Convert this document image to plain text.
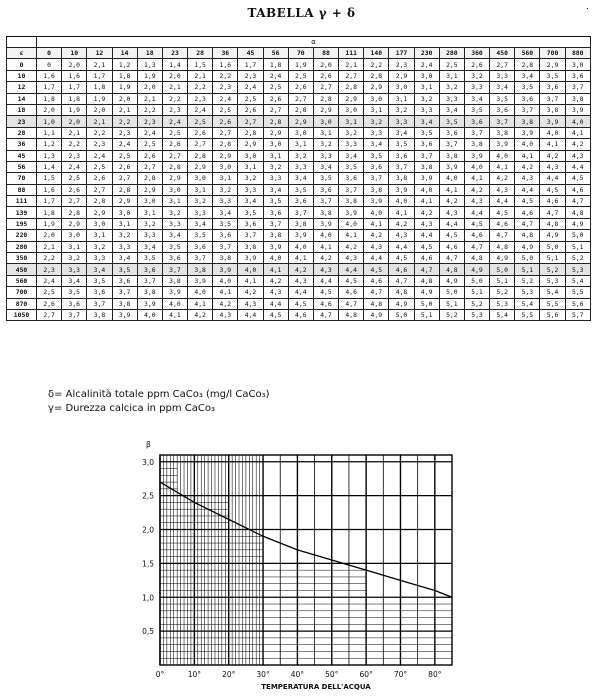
TABELLA γ + δ	.
	α																					
ε	0	10	12	14	18	23	28	36	45	56	70	88	111	140	177	230	280	360	450	560	700	880
0	0	2,0	2,1	1,2	1,3	1,4	1,5	1,6	1,7	1,8	1,9	2,0	2,1	2,2	2,3	2,4	2,5	2,6	2,7	2,8	2,9	3,0
10	1,6	1,6	1,7	1,8	1,9	2,0	2,1	2,2	2,3	2,4	2,5	2,6	2,7	2,8	2,9	3,0	3,1	3,2	3,3	3,4	3,5	3,6
12	1,7	1,7	1,8	1,9	2,0	2,1	2,2	2,3	2,4	2,5	2,6	2,7	2,8	2,9	3,0	3,1	3,2	3,3	3,4	3,5	3,6	3,7
14	1,8	1,8	1,9	2,0	2,1	2,2	2,3	2,4	2,5	2,6	2,7	2,8	2,9	3,0	3,1	3,2	3,3	3,4	3,5	3,6	3,7	3,8
18	2,0	1,9	2,0	2,1	2,2	2,3	2,4	2,5	2,6	2,7	2,8	2,9	3,0	3,1	3,2	3,3	3,4	3,5	3,6	3,7	3,8	3,9
23	1,0	2,0	2,1	2,2	2,3	2,4	2,5	2,6	2,7	2,8	2,9	3,0	3,1	3,2	3,3	3,4	3,5	3,6	3,7	3,8	3,9	4,0
28	1,1	2,1	2,2	2,3	2,4	2,5	2,6	2,7	2,8	2,9	3,0	3,1	3,2	3,3	3,4	3,5	3,6	3,7	3,8	3,9	4,0	4,1
36	1,2	2,2	2,3	2,4	2,5	2,6	2,7	2,8	2,9	3,0	3,1	3,2	3,3	3,4	3,5	3,6	3,7	3,8	3,9	4,0	4,1	4,2
45	1,3	2,3	2,4	2,5	2,6	2,7	2,8	2,9	3,0	3,1	3,2	3,3	3,4	3,5	3,6	3,7	3,8	3,9	4,0	4,1	4,2	4,3
56	1,4	2,4	2,5	2,6	2,7	2,8	2,9	3,0	3,1	3,2	3,3	3,4	3,5	3,6	3,7	3,8	3,9	4,0	4,1	4,2	4,3	4,4
70	1,5	2,5	2,6	2,7	2,8	2,9	3,0	3,1	3,2	3,3	3,4	3,5	3,6	3,7	3,8	3,9	4,0	4,1	4,2	4,3	4,4	4,5
88	1,6	2,6	2,7	2,8	2,9	3,0	3,1	3,2	3,3	3,4	3,5	3,6	3,7	3,8	3,9	4,0	4,1	4,2	4,3	4,4	4,5	4,6
111	1,7	2,7	2,8	2,9	3,0	3,1	3,2	3,3	3,4	3,5	3,6	3,7	3,8	3,9	4,0	4,1	4,2	4,3	4,4	4,5	4,6	4,7
139	1,8	2,8	2,9	3,0	3,1	3,2	3,3	3,4	3,5	3,6	3,7	3,8	3,9	4,0	4,1	4,2	4,3	4,4	4,5	4,6	4,7	4,8
195	1,9	2,9	3,0	3,1	3,2	3,3	3,4	3,5	3,6	3,7	3,8	3,9	4,0	4,1	4,2	4,3	4,4	4,5	4,6	4,7	4,8	4,9
220	2,0	3,0	3,1	3,2	3,3	3,4	3,5	3,6	3,7	3,8	3,9	4,0	4,1	4,2	4,3	4,4	4,5	4,6	4,7	4,8	4,9	5,0
280	2,1	3,1	3,2	3,3	3,4	3,5	3,6	3,7	3,8	3,9	4,0	4,1	4,2	4,3	4,4	4,5	4,6	4,7	4,8	4,9	5,0	5,1
350	2,2	3,2	3,3	3,4	3,5	3,6	3,7	3,8	3,9	4,0	4,1	4,2	4,3	4,4	4,5	4,6	4,7	4,8	4,9	5,0	5,1	5,2
450	2,3	3,3	3,4	3,5	3,6	3,7	3,8	3,9	4,0	4,1	4,2	4,3	4,4	4,5	4,6	4,7	4,8	4,9	5,0	5,1	5,2	5,3
560	2,4	3,4	3,5	3,6	3,7	3,8	3,9	4,0	4,1	4,2	4,3	4,4	4,5	4,6	4,7	4,8	4,9	5,0	5,1	5,2	5,3	5,4
700	2,5	3,5	3,6	3,7	3,8	3,9	4,0	4,1	4,2	4,3	4,4	4,5	4,6	4,7	4,8	4,9	5,0	5,1	5,2	5,3	5,4	5,5
870	2,6	3,6	3,7	3,8	3,9	4,0	4,1	4,2	4,3	4,4	4,5	4,6	4,7	4,8	4,9	5,0	5,1	5,2	5,3	5,4	5,5	5,6
1050	2,7	3,7	3,8	3,9	4,0	4,1	4,2	4,3	4,4	4,5	4,6	4,7	4,8	4,9	5,0	5,1	5,2	5,3	5,4	5,5	5,6	5,7
δ= Alcalinità totale ppm CaCo₃ (mg/l CaCo₃)
γ= Durezza calcica in ppm CaCo₃
3,0
2,5
2,0
1,5
1,0
0,5
0°	10°	20°	30°	40°	50°	60°	70°	80°
β
TEMPERATURA DELL'ACQUA
